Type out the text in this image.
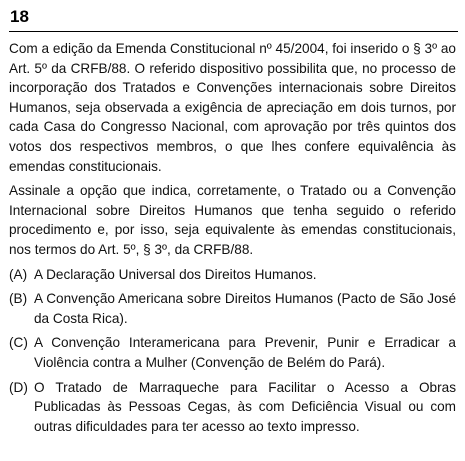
18

Com a edição da Emenda Constitucional nº 45/2004, foi inserido o § 3º ao Art. 5º da CRFB/88. O referido dispositivo possibilita que, no processo de incorporação dos Tratados e Convenções internacionais sobre Direitos Humanos, seja observada a exigência de apreciação em dois turnos, por cada Casa do Congresso Nacional, com aprovação por três quintos dos votos dos respectivos membros, o que lhes confere equivalência às emendas constitucionais.

Assinale a opção que indica, corretamente, o Tratado ou a Convenção Internacional sobre Direitos Humanos que tenha seguido o referido procedimento e, por isso, seja equivalente às emendas constitucionais, nos termos do Art. 5º, § 3º, da CRFB/88.

(A) A Declaração Universal dos Direitos Humanos.
(B) A Convenção Americana sobre Direitos Humanos (Pacto de São José da Costa Rica).
(C) A Convenção Interamericana para Prevenir, Punir e Erradicar a Violência contra a Mulher (Convenção de Belém do Pará).
(D) O Tratado de Marraqueche para Facilitar o Acesso a Obras Publicadas às Pessoas Cegas, às com Deficiência Visual ou com outras dificuldades para ter acesso ao texto impresso.
